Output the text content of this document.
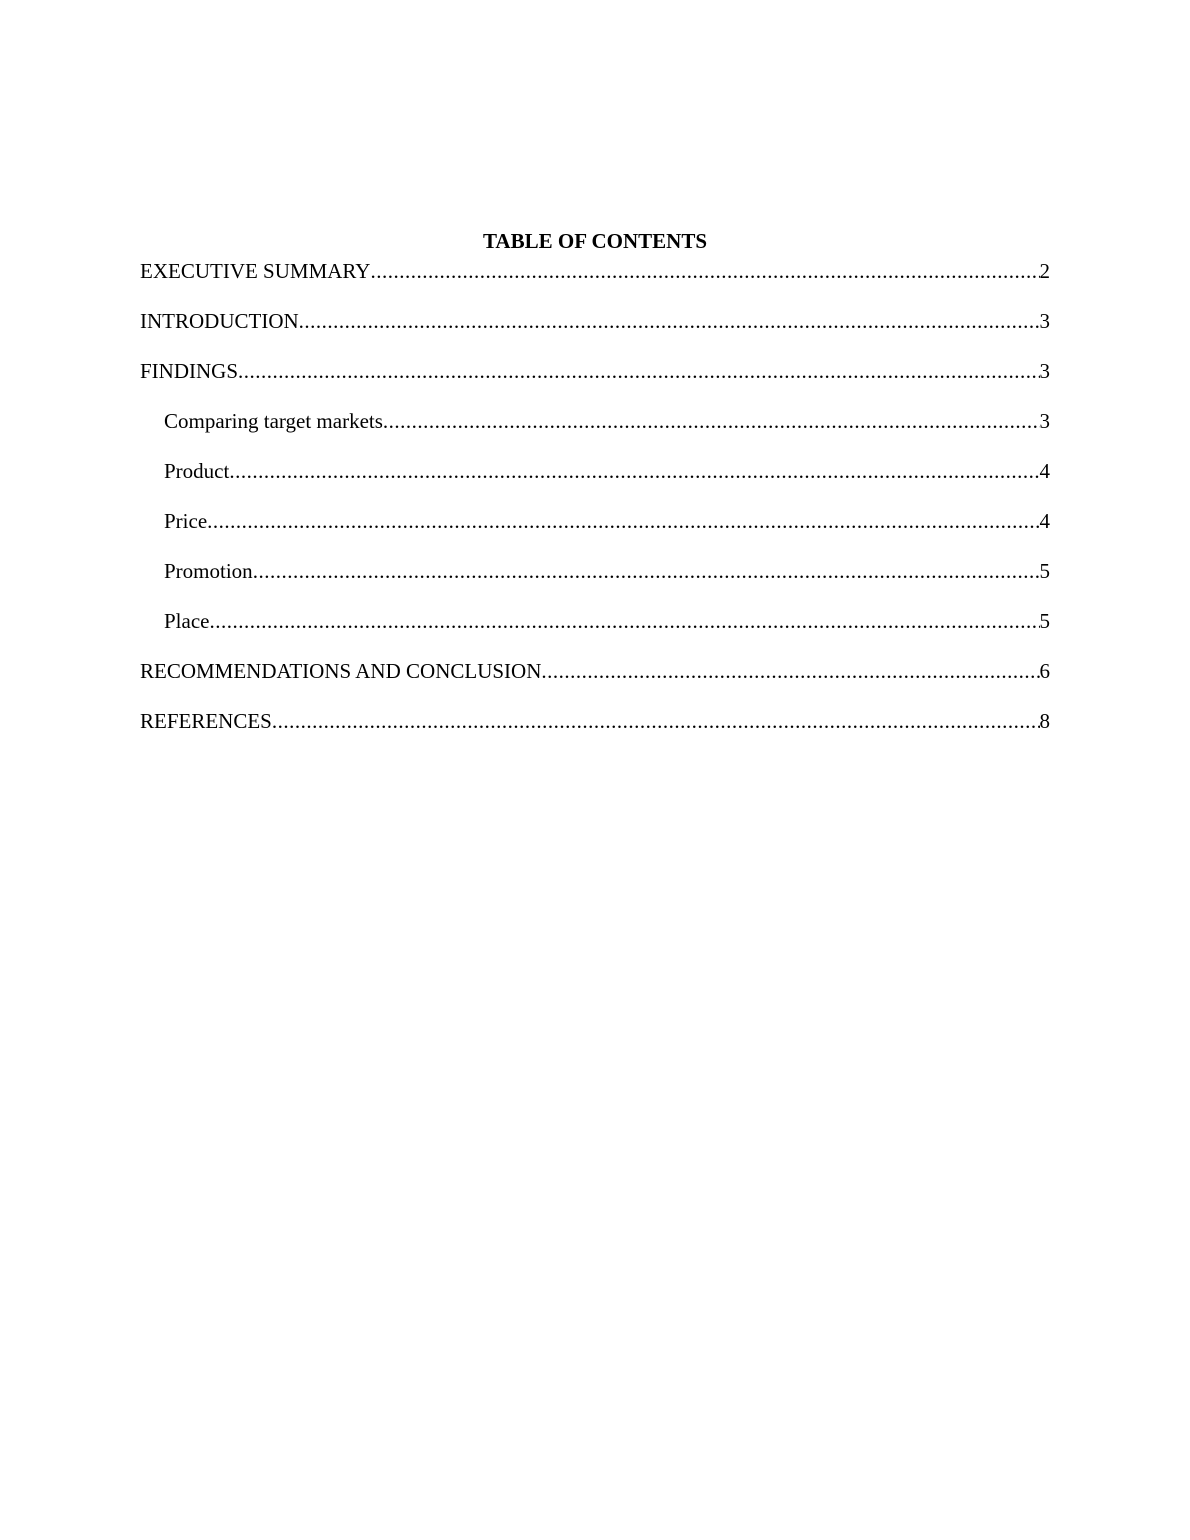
TABLE OF CONTENTS
EXECUTIVE SUMMARY .....	2
INTRODUCTION .....	3
FINDINGS .....	3
Comparing target markets .....	3
Product .....	4
Price .....	4
Promotion .....	5
Place .....	5
RECOMMENDATIONS AND CONCLUSION .....	6
REFERENCES .....	8
